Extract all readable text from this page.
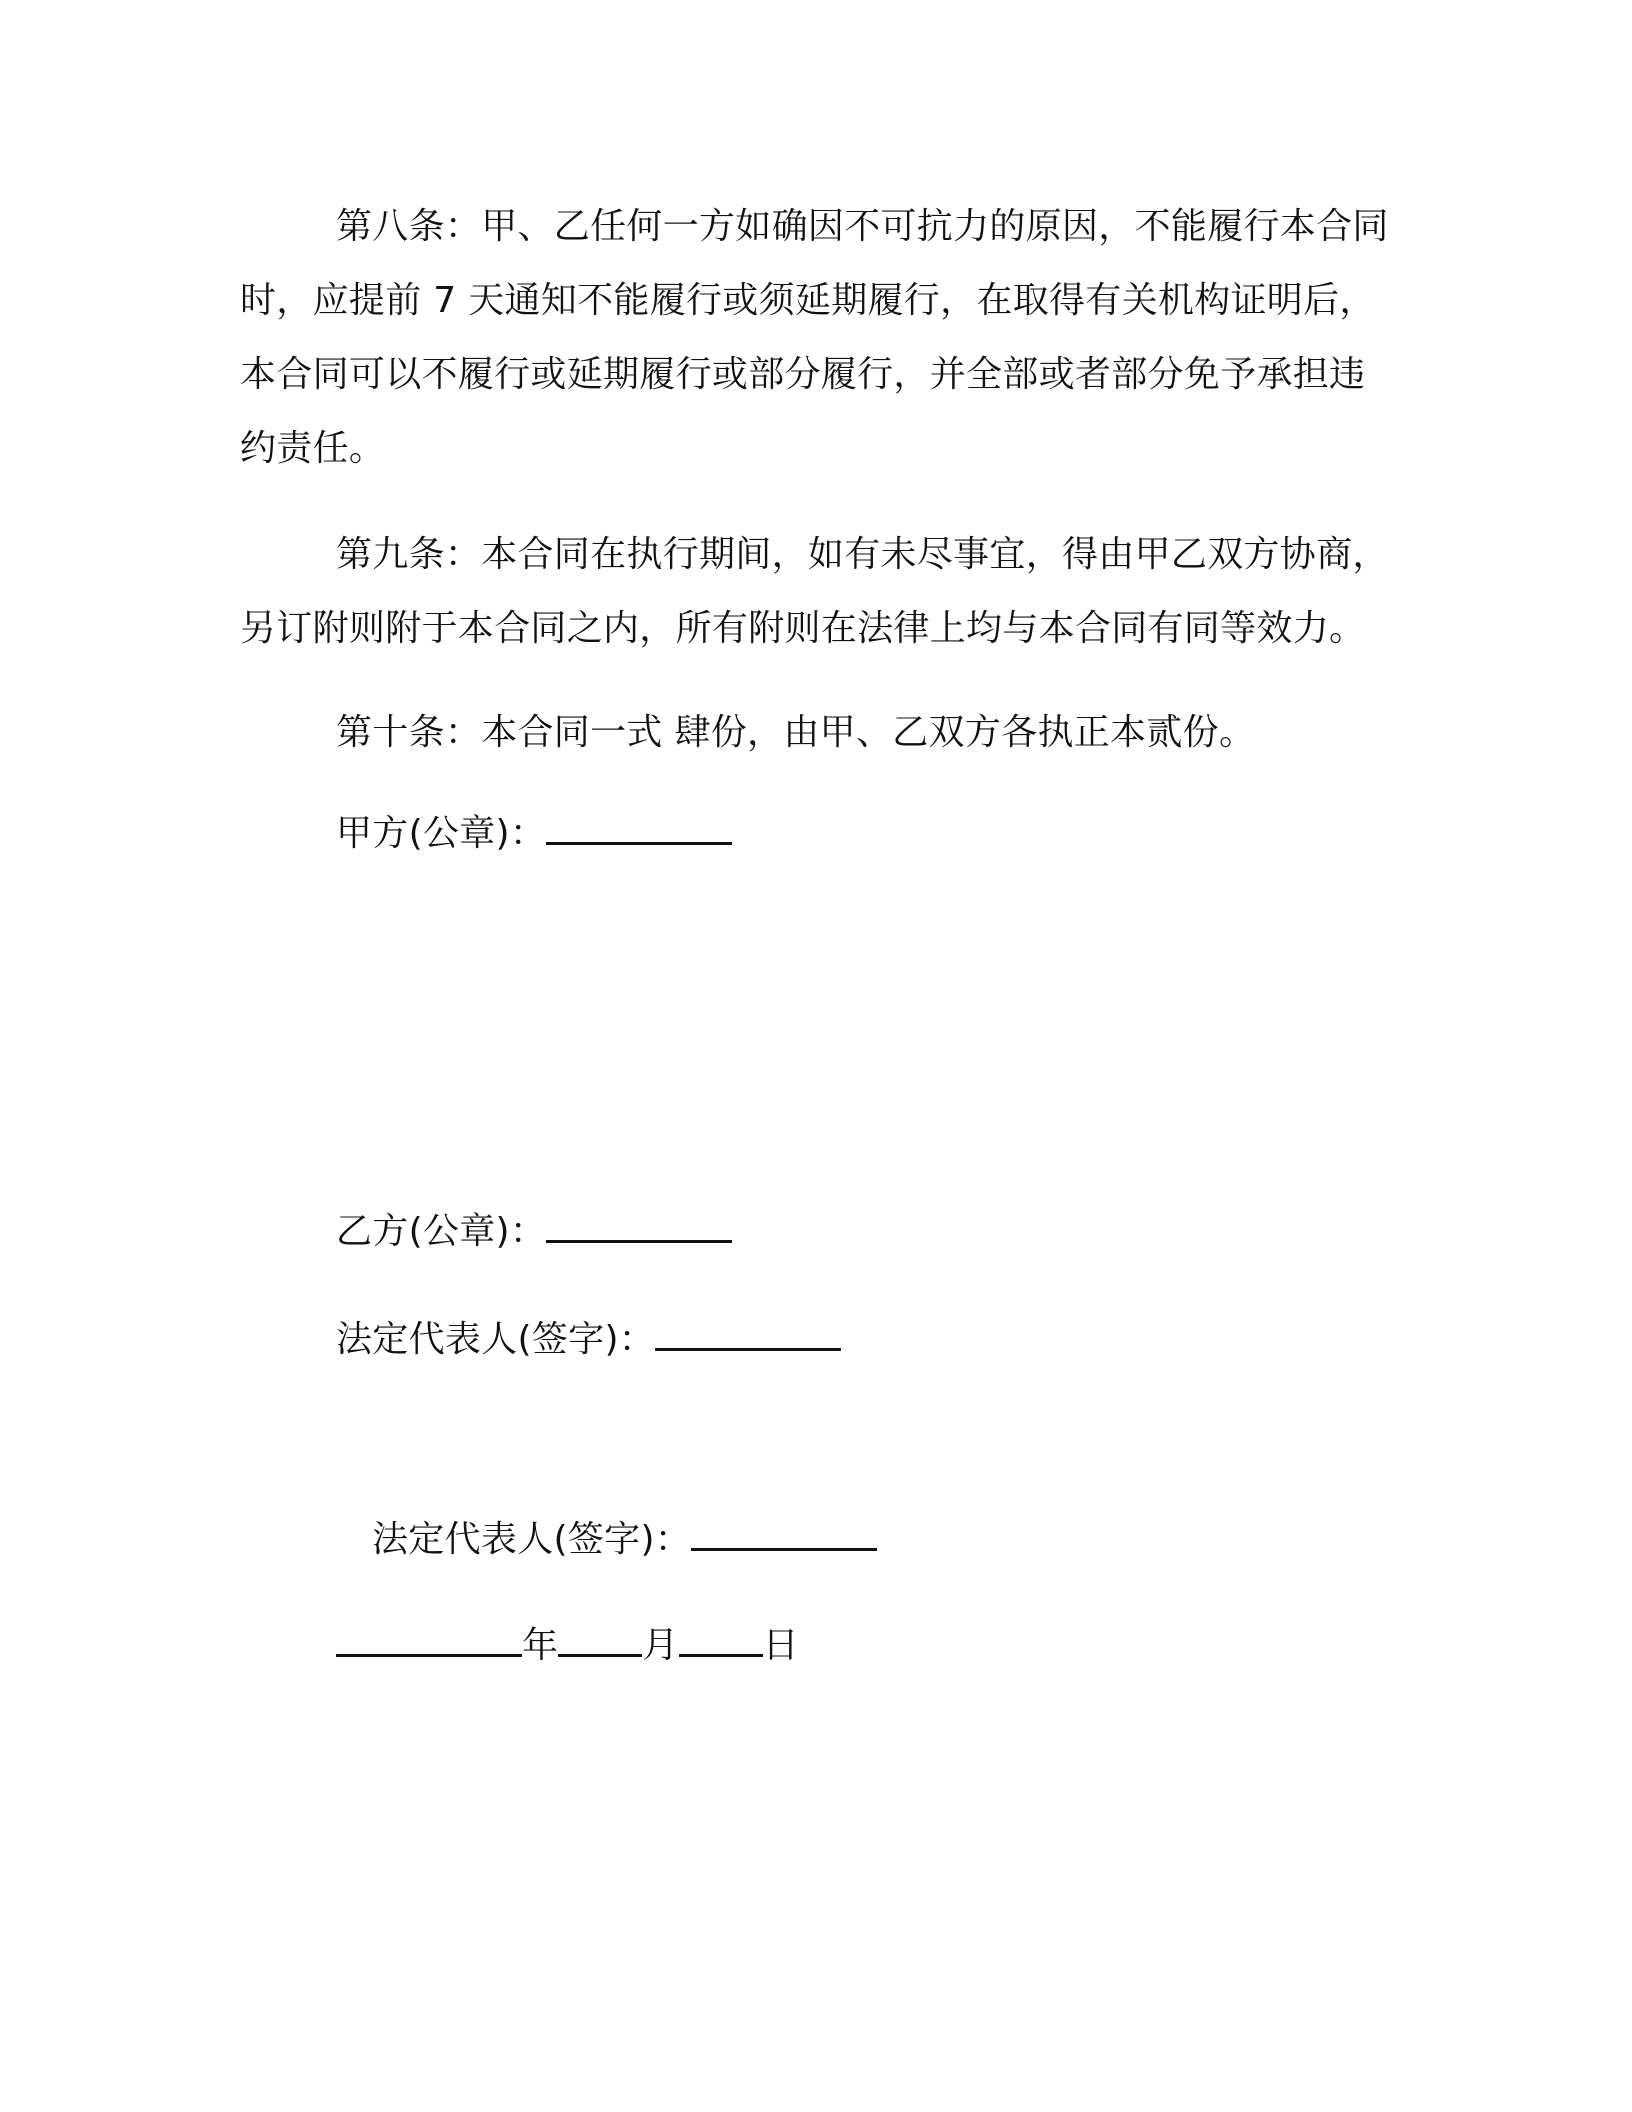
第八条：甲、乙任何一方如确因不可抗力的原因，不能履行本合同时，应提前 7 天通知不能履行或须延期履行，在取得有关机构证明后，本合同可以不履行或延期履行或部分履行，并全部或者部分免予承担违约责任。

第九条：本合同在执行期间，如有未尽事宜，得由甲乙双方协商，另订附则附于本合同之内，所有附则在法律上均与本合同有同等效力。

第十条：本合同一式 肆份，由甲、乙双方各执正本贰份。

甲方(公章)：
乙方(公章)：
法定代表人(签字)：
法定代表人(签字)：
年 月 日
